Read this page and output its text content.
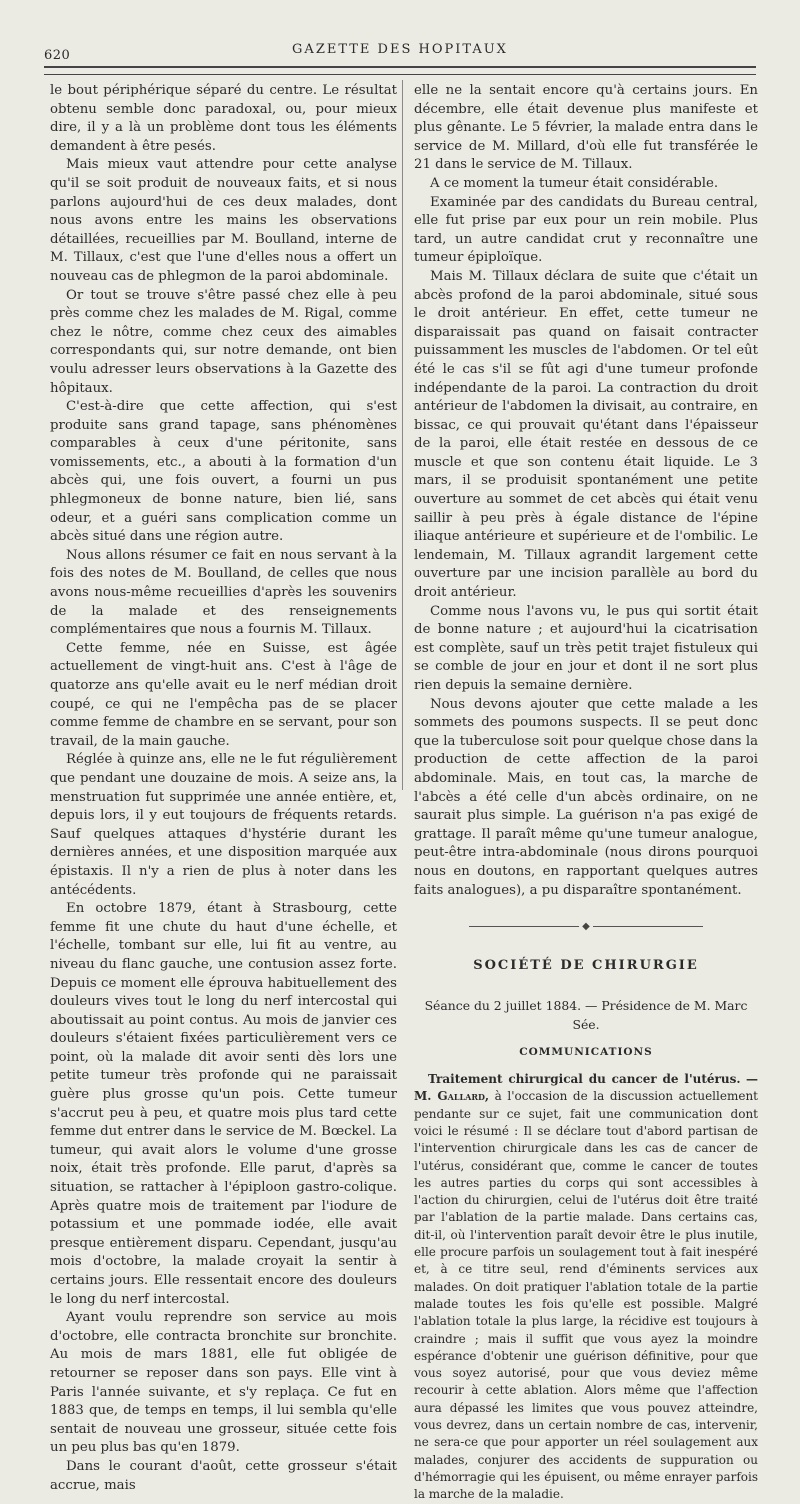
620	GAZETTE DES HOPITAUX

le bout périphérique séparé du centre. Le résultat obtenu semble donc paradoxal, ou, pour mieux dire, il y a là un problème dont tous les éléments demandent à être pesés.

Mais mieux vaut attendre pour cette analyse qu'il se soit produit de nouveaux faits, et si nous parlons aujourd'hui de ces deux malades, dont nous avons entre les mains les observations détaillées, recueillies par M. Boulland, interne de M. Tillaux, c'est que l'une d'elles nous a offert un nouveau cas de phlegmon de la paroi abdominale.

Or tout se trouve s'être passé chez elle à peu près comme chez les malades de M. Rigal, comme chez le nôtre, comme chez ceux des aimables correspondants qui, sur notre demande, ont bien voulu adresser leurs observations à la Gazette des hôpitaux.

C'est-à-dire que cette affection, qui s'est produite sans grand tapage, sans phénomènes comparables à ceux d'une péritonite, sans vomissements, etc., a abouti à la formation d'un abcès qui, une fois ouvert, a fourni un pus phlegmoneux de bonne nature, bien lié, sans odeur, et a guéri sans complication comme un abcès situé dans une région autre.

Nous allons résumer ce fait en nous servant à la fois des notes de M. Boulland, de celles que nous avons nous-même recueillies d'après les souvenirs de la malade et des renseignements complémentaires que nous a fournis M. Tillaux.

Cette femme, née en Suisse, est âgée actuellement de vingt-huit ans. C'est à l'âge de quatorze ans qu'elle avait eu le nerf médian droit coupé, ce qui ne l'empêcha pas de se placer comme femme de chambre en se servant, pour son travail, de la main gauche.

Réglée à quinze ans, elle ne le fut régulièrement que pendant une douzaine de mois. A seize ans, la menstruation fut supprimée une année entière, et, depuis lors, il y eut toujours de fréquents retards. Sauf quelques attaques d'hystérie durant les dernières années, et une disposition marquée aux épistaxis. Il n'y a rien de plus à noter dans les antécédents.

En octobre 1879, étant à Strasbourg, cette femme fit une chute du haut d'une échelle, et l'échelle, tombant sur elle, lui fit au ventre, au niveau du flanc gauche, une contusion assez forte. Depuis ce moment elle éprouva habituellement des douleurs vives tout le long du nerf intercostal qui aboutissait au point contus. Au mois de janvier ces douleurs s'étaient fixées particulièrement vers ce point, où la malade dit avoir senti dès lors une petite tumeur très profonde qui ne paraissait guère plus grosse qu'un pois. Cette tumeur s'accrut peu à peu, et quatre mois plus tard cette femme dut entrer dans le service de M. Bœckel. La tumeur, qui avait alors le volume d'une grosse noix, était très profonde. Elle parut, d'après sa situation, se rattacher à l'épiploon gastro-colique. Après quatre mois de traitement par l'iodure de potassium et une pommade iodée, elle avait presque entièrement disparu. Cependant, jusqu'au mois d'octobre, la malade croyait la sentir à certains jours. Elle ressentait encore des douleurs le long du nerf intercostal.

Ayant voulu reprendre son service au mois d'octobre, elle contracta bronchite sur bronchite. Au mois de mars 1881, elle fut obligée de retourner se reposer dans son pays. Elle vint à Paris l'année suivante, et s'y replaça. Ce fut en 1883 que, de temps en temps, il lui sembla qu'elle sentait de nouveau une grosseur, située cette fois un peu plus bas qu'en 1879.

Dans le courant d'août, cette grosseur s'était accrue, mais

elle ne la sentait encore qu'à certains jours. En décembre, elle était devenue plus manifeste et plus gênante. Le 5 février, la malade entra dans le service de M. Millard, d'où elle fut transférée le 21 dans le service de M. Tillaux.

A ce moment la tumeur était considérable.

Examinée par des candidats du Bureau central, elle fut prise par eux pour un rein mobile. Plus tard, un autre candidat crut y reconnaître une tumeur épiploïque.

Mais M. Tillaux déclara de suite que c'était un abcès profond de la paroi abdominale, situé sous le droit antérieur. En effet, cette tumeur ne disparaissait pas quand on faisait contracter puissamment les muscles de l'abdomen. Or tel eût été le cas s'il se fût agi d'une tumeur profonde indépendante de la paroi. La contraction du droit antérieur de l'abdomen la divisait, au contraire, en bissac, ce qui prouvait qu'étant dans l'épaisseur de la paroi, elle était restée en dessous de ce muscle et que son contenu était liquide. Le 3 mars, il se produisit spontanément une petite ouverture au sommet de cet abcès qui était venu saillir à peu près à égale distance de l'épine iliaque antérieure et supérieure et de l'ombilic. Le lendemain, M. Tillaux agrandit largement cette ouverture par une incision parallèle au bord du droit antérieur.

Comme nous l'avons vu, le pus qui sortit était de bonne nature ; et aujourd'hui la cicatrisation est complète, sauf un très petit trajet fistuleux qui se comble de jour en jour et dont il ne sort plus rien depuis la semaine dernière.

Nous devons ajouter que cette malade a les sommets des poumons suspects. Il se peut donc que la tuberculose soit pour quelque chose dans la production de cette affection de la paroi abdominale. Mais, en tout cas, la marche de l'abcès a été celle d'un abcès ordinaire, on ne saurait plus simple. La guérison n'a pas exigé de grattage. Il paraît même qu'une tumeur analogue, peut-être intra-abdominale (nous dirons pourquoi nous en doutons, en rapportant quelques autres faits analogues), a pu disparaître spontanément.

◆
SOCIÉTÉ DE CHIRURGIE
Séance du 2 juillet 1884. — Présidence de M. Marc Sée.
COMMUNICATIONS

Traitement chirurgical du cancer de l'utérus. — M. Gallard, à l'occasion de la discussion actuellement pendante sur ce sujet, fait une communication dont voici le résumé : Il se déclare tout d'abord partisan de l'intervention chirurgicale dans les cas de cancer de l'utérus, considérant que, comme le cancer de toutes les autres parties du corps qui sont accessibles à l'action du chirurgien, celui de l'utérus doit être traité par l'ablation de la partie malade. Dans certains cas, dit-il, où l'intervention paraît devoir être le plus inutile, elle procure parfois un soulagement tout à fait inespéré et, à ce titre seul, rend d'éminents services aux malades. On doit pratiquer l'ablation totale de la partie malade toutes les fois qu'elle est possible. Malgré l'ablation totale la plus large, la récidive est toujours à craindre ; mais il suffit que vous ayez la moindre espérance d'obtenir une guérison définitive, pour que vous soyez autorisé, pour que vous deviez même recourir à cette ablation. Alors même que l'affection aura dépassé les limites que vous pouvez atteindre, vous devrez, dans un certain nombre de cas, intervenir, ne sera-ce que pour apporter un réel soulagement aux malades, conjurer des accidents de suppuration ou d'hémorragie qui les épuisent, ou même enrayer parfois la marche de la maladie.
